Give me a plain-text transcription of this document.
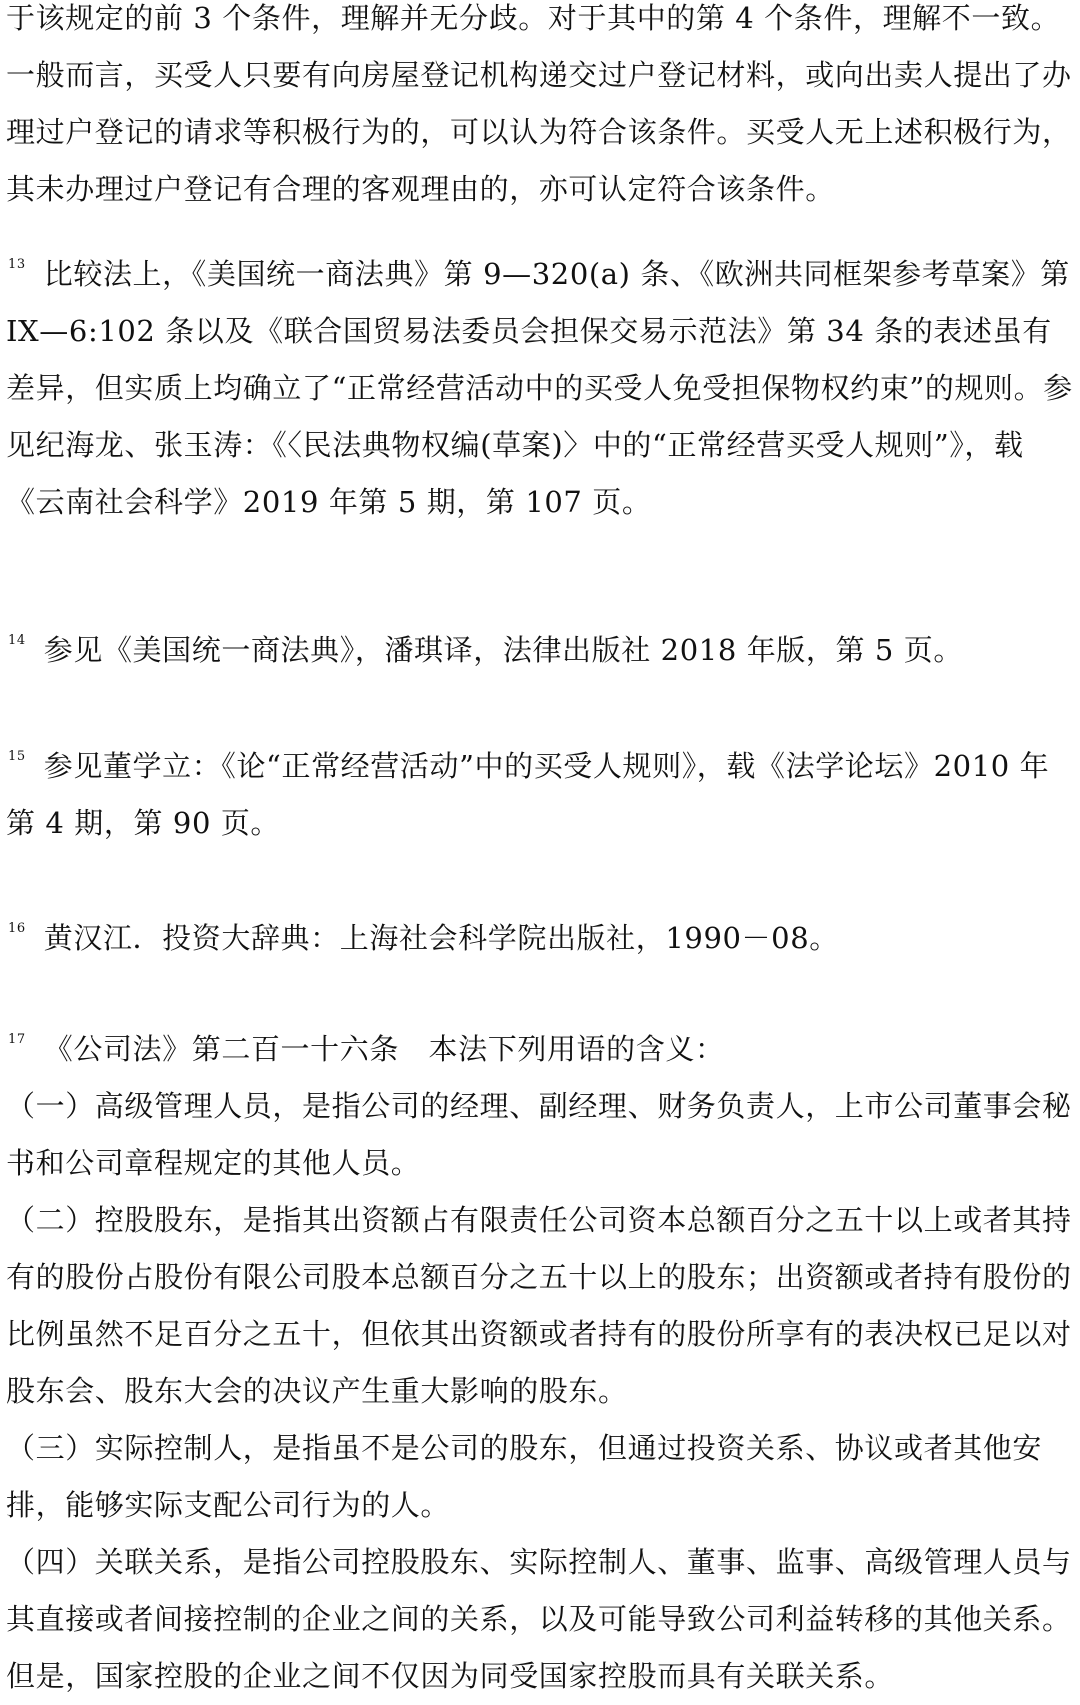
于该规定的前 3 个条件，理解并无分歧。对于其中的第 4 个条件，理解不一致。一般而言，买受人只要有向房屋登记机构递交过户登记材料，或向出卖人提出了办理过户登记的请求等积极行为的，可以认为符合该条件。买受人无上述积极行为，其未办理过户登记有合理的客观理由的，亦可认定符合该条件。

$^{13}$ 比较法上，《美国统一商法典》第 9—320(a) 条、《欧洲共同框架参考草案》第 IX—6:102 条以及《联合国贸易法委员会担保交易示范法》第 34 条的表述虽有差异，但实质上均确立了“正常经营活动中的买受人免受担保物权约束”的规则。参见纪海龙、张玉涛：《〈民法典物权编(草案)〉中的“正常经营买受人规则”》，载《云南社会科学》2019 年第 5 期，第 107 页。

$^{14}$ 参见《美国统一商法典》，潘琪译，法律出版社 2018 年版，第 5 页。

$^{15}$ 参见董学立：《论“正常经营活动”中的买受人规则》，载《法学论坛》2010 年第 4 期，第 90 页。

$^{16}$ 黄汉江．投资大辞典：上海社会科学院出版社，1990－08。

$^{17}$ 《公司法》第二百一十六条　本法下列用语的含义：

（一）高级管理人员，是指公司的经理、副经理、财务负责人，上市公司董事会秘书和公司章程规定的其他人员。

（二）控股股东，是指其出资额占有限责任公司资本总额百分之五十以上或者其持有的股份占股份有限公司股本总额百分之五十以上的股东；出资额或者持有股份的比例虽然不足百分之五十，但依其出资额或者持有的股份所享有的表决权已足以对股东会、股东大会的决议产生重大影响的股东。

（三）实际控制人，是指虽不是公司的股东，但通过投资关系、协议或者其他安排，能够实际支配公司行为的人。

（四）关联关系，是指公司控股股东、实际控制人、董事、监事、高级管理人员与其直接或者间接控制的企业之间的关系，以及可能导致公司利益转移的其他关系。但是，国家控股的企业之间不仅因为同受国家控股而具有关联关系。
